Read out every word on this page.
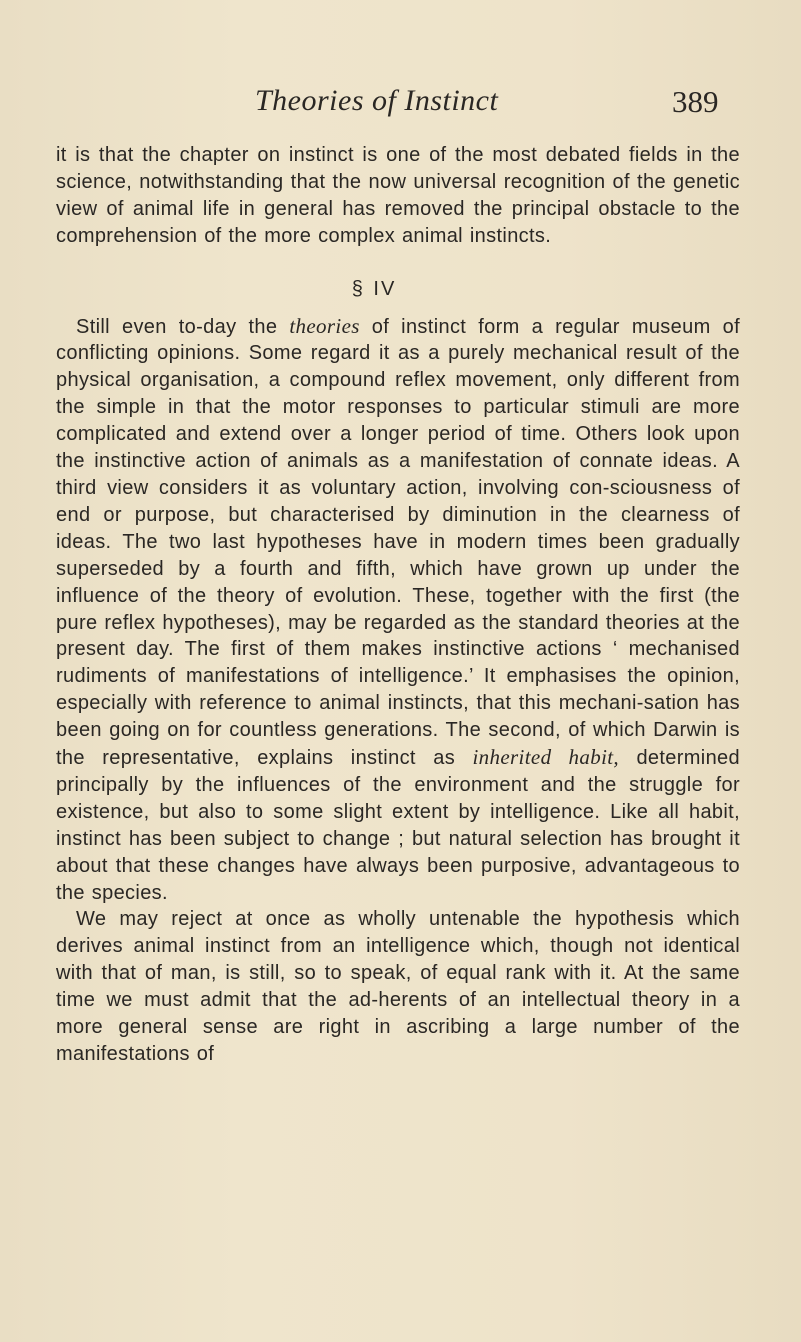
Theories of Instinct	389

it is that the chapter on instinct is one of the most debated fields in the science, notwithstanding that the now universal recognition of the genetic view of animal life in general has removed the principal obstacle to the comprehension of the more complex animal instincts.

§ IV

Still even to-day the theories of instinct form a regular museum of conflicting opinions. Some regard it as a purely mechanical result of the physical organisation, a compound reflex movement, only different from the simple in that the motor responses to particular stimuli are more complicated and extend over a longer period of time. Others look upon the instinctive action of animals as a manifestation of connate ideas. A third view considers it as voluntary action, involving con-sciousness of end or purpose, but characterised by diminution in the clearness of ideas. The two last hypotheses have in modern times been gradually superseded by a fourth and fifth, which have grown up under the influence of the theory of evolution. These, together with the first (the pure reflex hypotheses), may be regarded as the standard theories at the present day. The first of them makes instinctive actions ‘ mechanised rudiments of manifestations of intelligence.’ It emphasises the opinion, especially with reference to animal instincts, that this mechani-sation has been going on for countless generations. The second, of which Darwin is the representative, explains instinct as inherited habit, determined principally by the influences of the environment and the struggle for existence, but also to some slight extent by intelligence. Like all habit, instinct has been subject to change ; but natural selection has brought it about that these changes have always been purposive, advantageous to the species.

We may reject at once as wholly untenable the hypothesis which derives animal instinct from an intelligence which, though not identical with that of man, is still, so to speak, of equal rank with it. At the same time we must admit that the ad-herents of an intellectual theory in a more general sense are right in ascribing a large number of the manifestations of
